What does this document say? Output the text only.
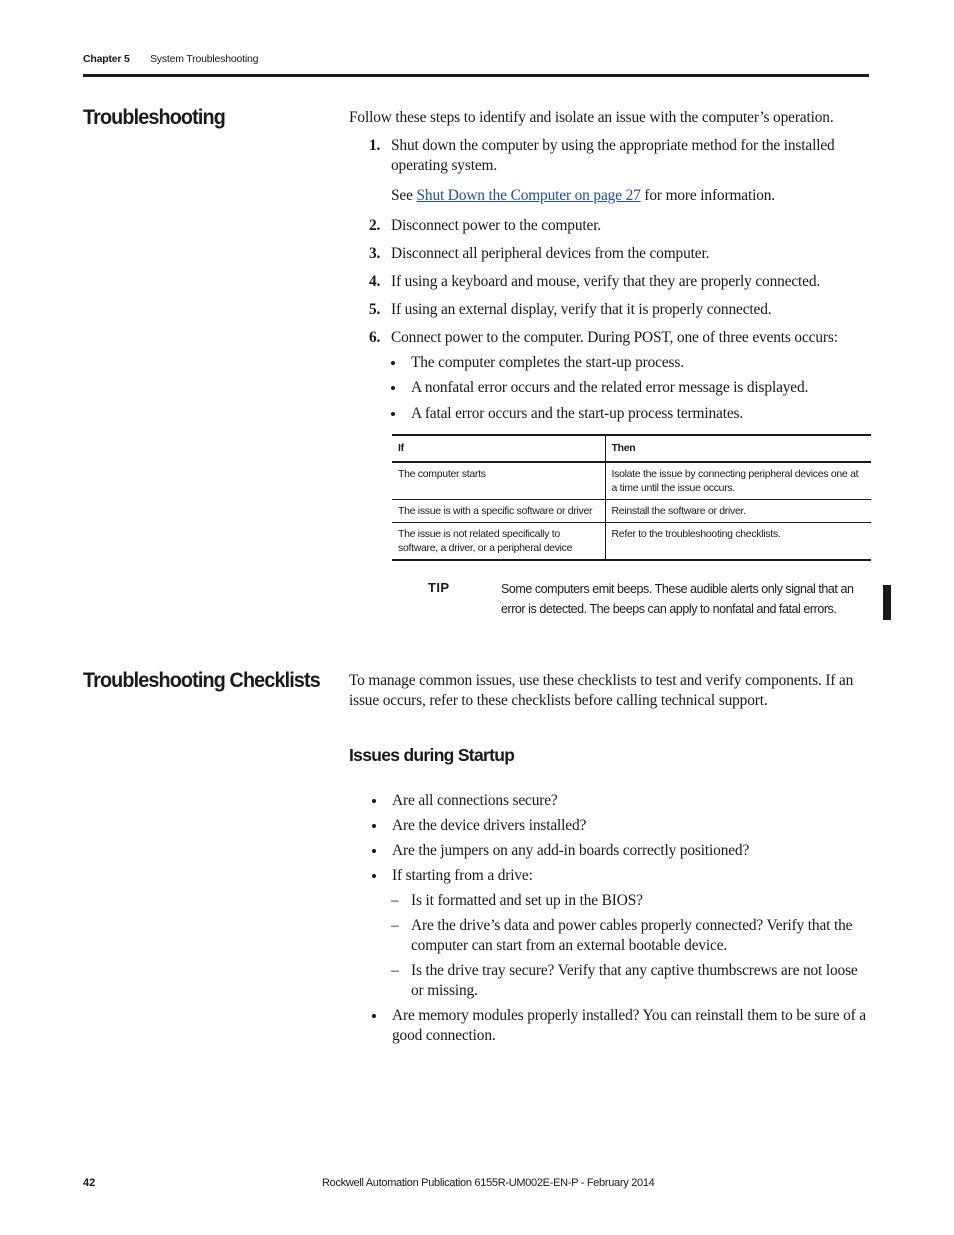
Chapter 5 System Troubleshooting
Troubleshooting	Follow these steps to identify and isolate an issue with the computer’s operation.
1. Shut down the computer by using the appropriate method for the installed operating system.
See Shut Down the Computer on page 27 for more information.
2. Disconnect power to the computer.
3. Disconnect all peripheral devices from the computer.
4. If using a keyboard and mouse, verify that they are properly connected.
5. If using an external display, verify that it is properly connected.
6. Connect power to the computer. During POST, one of three events occurs:
The computer completes the start-up process.
A nonfatal error occurs and the related error message is displayed.
A fatal error occurs and the start-up process terminates.
If	Then
The computer starts	Isolate the issue by connecting peripheral devices one at a time until the issue occurs.
The issue is with a specific software or driver	Reinstall the software or driver.
The issue is not related specifically to software, a driver, or a peripheral device	Refer to the troubleshooting checklists.
TIP	Some computers emit beeps. These audible alerts only signal that an error is detected. The beeps can apply to nonfatal and fatal errors.
Troubleshooting Checklists To manage common issues, use these checklists to test and verify components. If an issue occurs, refer to these checklists before calling technical support.
Issues during Startup
Are all connections secure?
Are the device drivers installed?
Are the jumpers on any add-in boards correctly positioned?
If starting from a drive:
– Is it formatted and set up in the BIOS?
– Are the drive’s data and power cables properly connected? Verify that the computer can start from an external bootable device.
– Is the drive tray secure? Verify that any captive thumbscrews are not loose or missing.
Are memory modules properly installed? You can reinstall them to be sure of a good connection.
42	Rockwell Automation Publication 6155R-UM002E-EN-P - February 2014
